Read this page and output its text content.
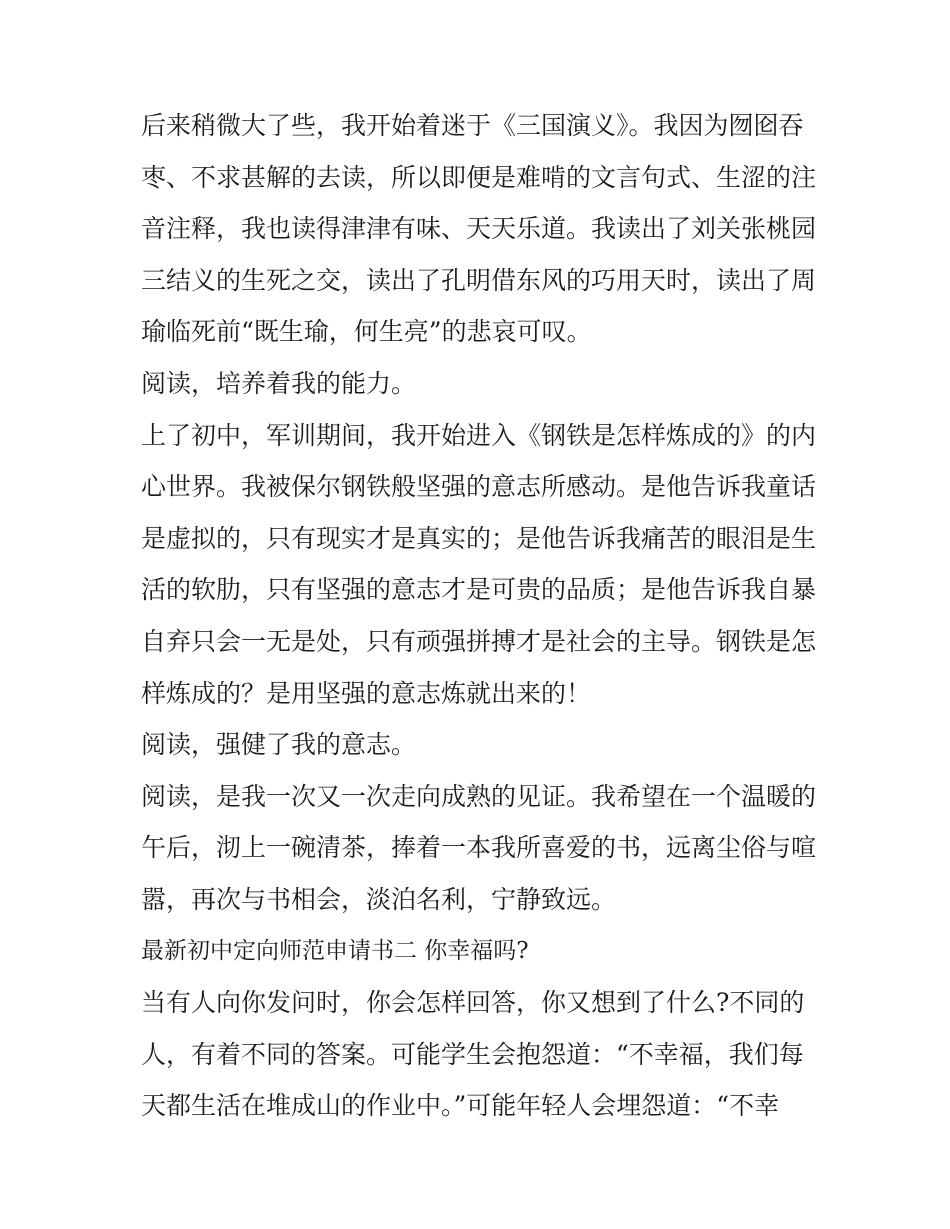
后来稍微大了些，我开始着迷于《三国演义》。我因为囫囵吞枣、不求甚解的去读，所以即便是难啃的文言句式、生涩的注音注释，我也读得津津有味、天天乐道。我读出了刘关张桃园三结义的生死之交，读出了孔明借东风的巧用天时，读出了周瑜临死前“既生瑜，何生亮”的悲哀可叹。

阅读，培养着我的能力。

上了初中，军训期间，我开始进入《钢铁是怎样炼成的》的内心世界。我被保尔钢铁般坚强的意志所感动。是他告诉我童话是虚拟的，只有现实才是真实的；是他告诉我痛苦的眼泪是生活的软肋，只有坚强的意志才是可贵的品质；是他告诉我自暴自弃只会一无是处，只有顽强拼搏才是社会的主导。钢铁是怎样炼成的？是用坚强的意志炼就出来的！

阅读，强健了我的意志。

阅读，是我一次又一次走向成熟的见证。我希望在一个温暖的午后，沏上一碗清茶，捧着一本我所喜爱的书，远离尘俗与喧嚣，再次与书相会，淡泊名利，宁静致远。

最新初中定向师范申请书二 你幸福吗?

当有人向你发问时，你会怎样回答，你又想到了什么?不同的人，有着不同的答案。可能学生会抱怨道：“不幸福，我们每天都生活在堆成山的作业中。”可能年轻人会埋怨道：“不幸
